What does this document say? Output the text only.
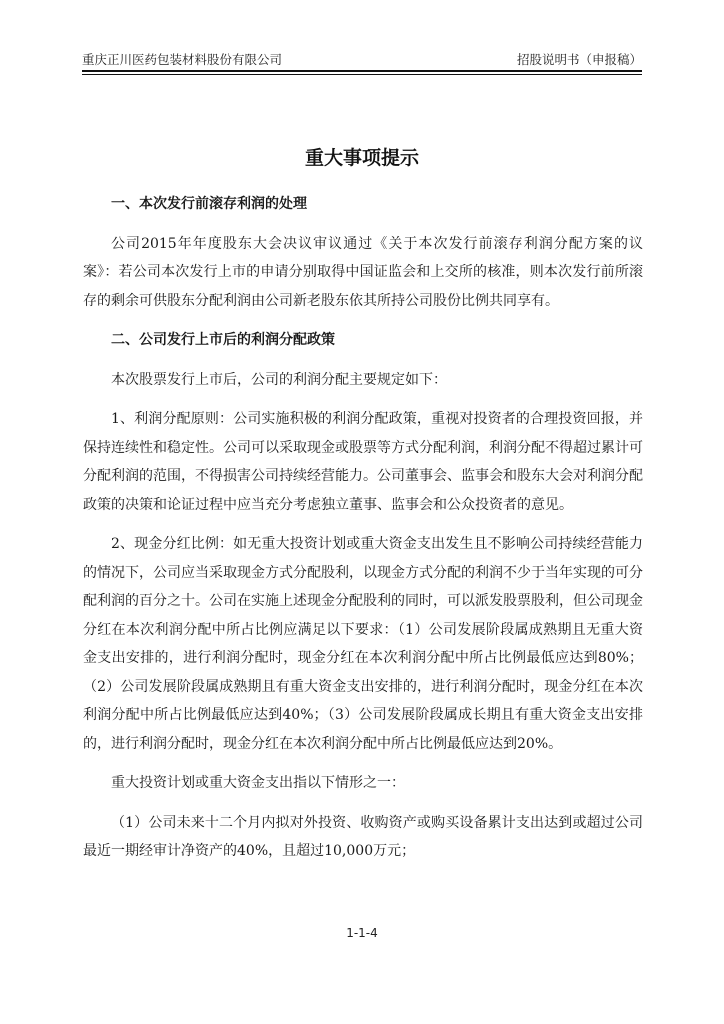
重庆正川医药包装材料股份有限公司	招股说明书（申报稿）
重大事项提示
一、本次发行前滚存利润的处理

公司2015年年度股东大会决议审议通过《关于本次发行前滚存利润分配方案的议案》：若公司本次发行上市的申请分别取得中国证监会和上交所的核准，则本次发行前所滚存的剩余可供股东分配利润由公司新老股东依其所持公司股份比例共同享有。

二、公司发行上市后的利润分配政策

本次股票发行上市后，公司的利润分配主要规定如下：

1、利润分配原则：公司实施积极的利润分配政策，重视对投资者的合理投资回报，并保持连续性和稳定性。公司可以采取现金或股票等方式分配利润，利润分配不得超过累计可分配利润的范围，不得损害公司持续经营能力。公司董事会、监事会和股东大会对利润分配政策的决策和论证过程中应当充分考虑独立董事、监事会和公众投资者的意见。

2、现金分红比例：如无重大投资计划或重大资金支出发生且不影响公司持续经营能力的情况下，公司应当采取现金方式分配股利，以现金方式分配的利润不少于当年实现的可分配利润的百分之十。公司在实施上述现金分配股利的同时，可以派发股票股利，但公司现金分红在本次利润分配中所占比例应满足以下要求：（1）公司发展阶段属成熟期且无重大资金支出安排的，进行利润分配时，现金分红在本次利润分配中所占比例最低应达到80%；（2）公司发展阶段属成熟期且有重大资金支出安排的，进行利润分配时，现金分红在本次利润分配中所占比例最低应达到40%；（3）公司发展阶段属成长期且有重大资金支出安排的，进行利润分配时，现金分红在本次利润分配中所占比例最低应达到20%。

重大投资计划或重大资金支出指以下情形之一：

（1）公司未来十二个月内拟对外投资、收购资产或购买设备累计支出达到或超过公司最近一期经审计净资产的40%，且超过10,000万元；

1-1-4
